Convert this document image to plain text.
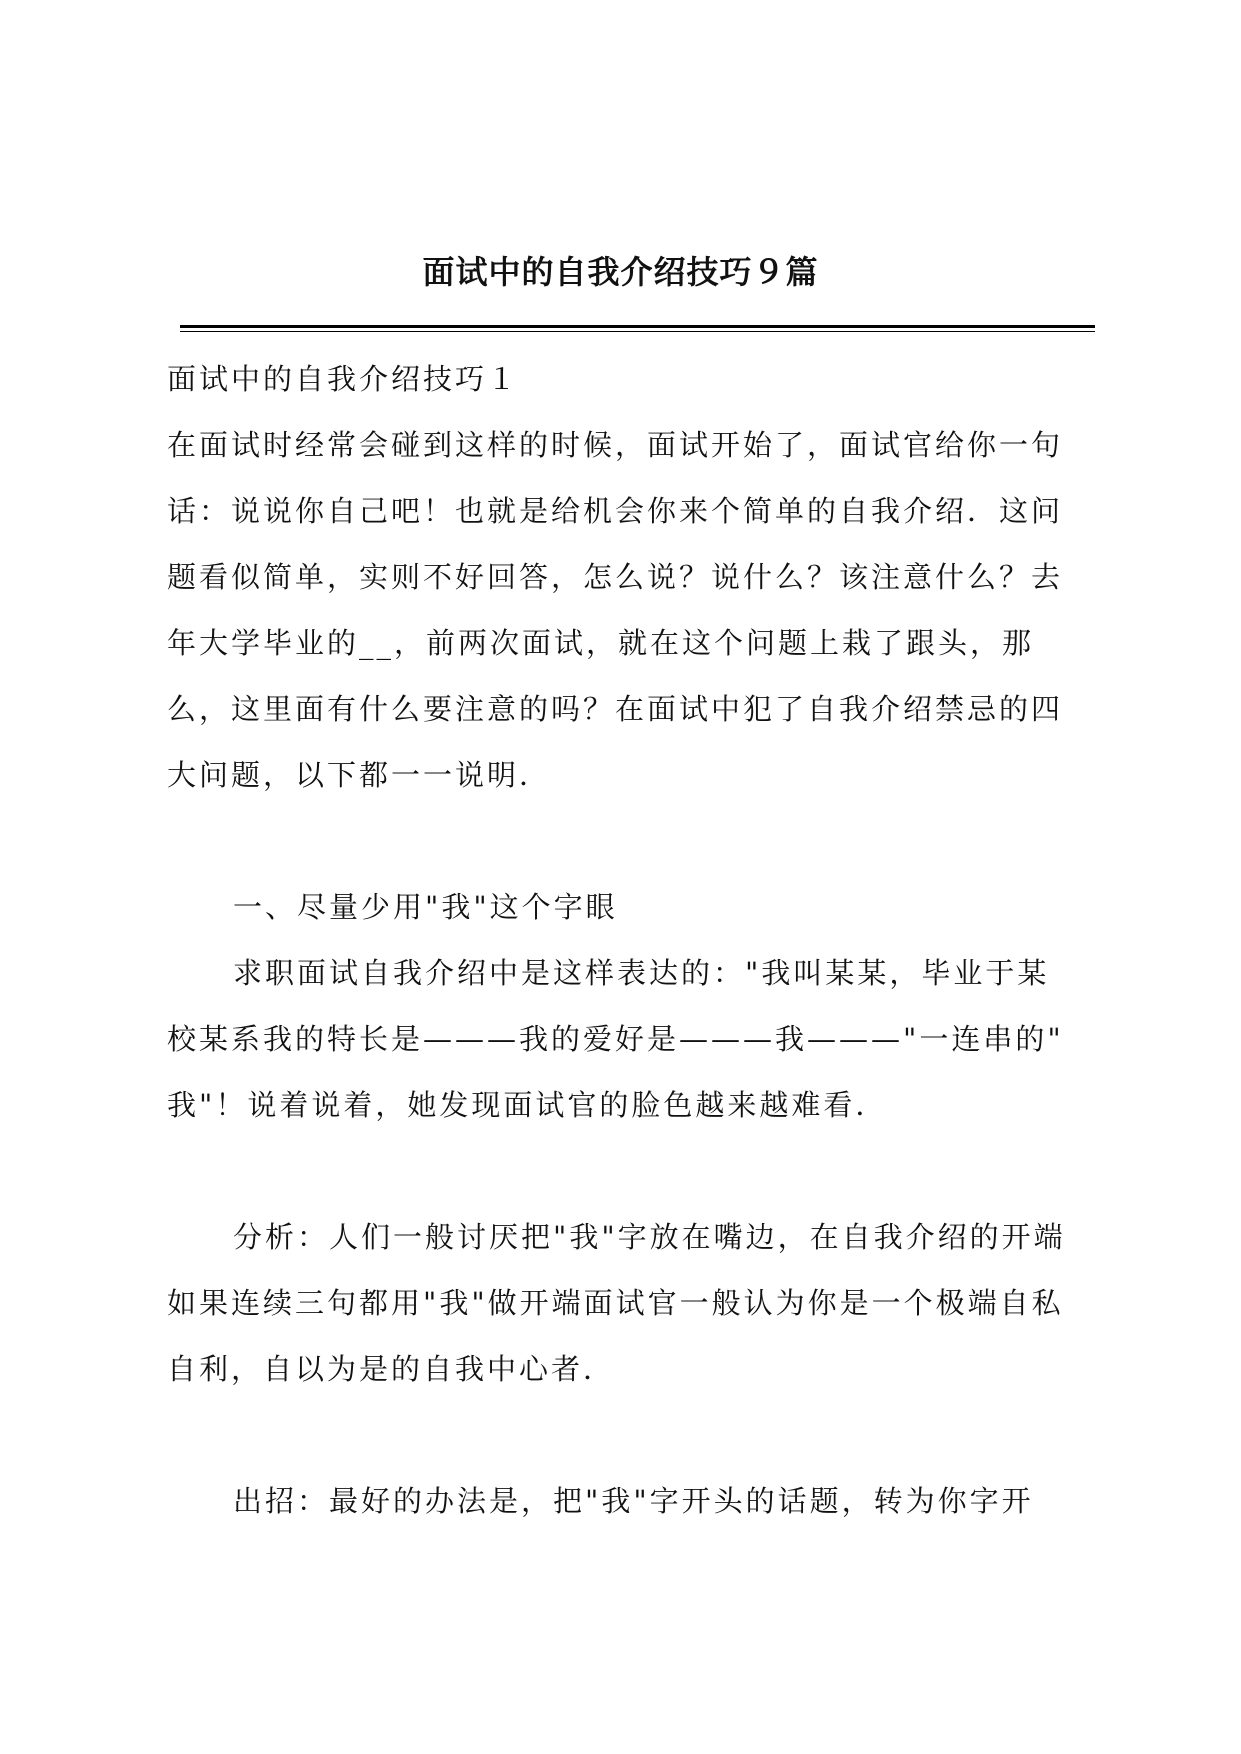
面试中的自我介绍技巧９篇
面试中的自我介绍技巧１
在面试时经常会碰到这样的时候，面试开始了，面试官给你一句
话：说说你自己吧！也就是给机会你来个简单的自我介绍．这问
题看似简单，实则不好回答，怎么说？说什么？该注意什么？去
年大学毕业的__，前两次面试，就在这个问题上栽了跟头，那
么，这里面有什么要注意的吗？在面试中犯了自我介绍禁忌的四
大问题，以下都一一说明．
一、尽量少用"我"这个字眼
求职面试自我介绍中是这样表达的："我叫某某，毕业于某
校某系我的特长是———我的爱好是———我———"一连串的"
我"！说着说着，她发现面试官的脸色越来越难看．
分析：人们一般讨厌把"我"字放在嘴边，在自我介绍的开端
如果连续三句都用"我"做开端面试官一般认为你是一个极端自私
自利，自以为是的自我中心者．
出招：最好的办法是，把"我"字开头的话题，转为你字开
